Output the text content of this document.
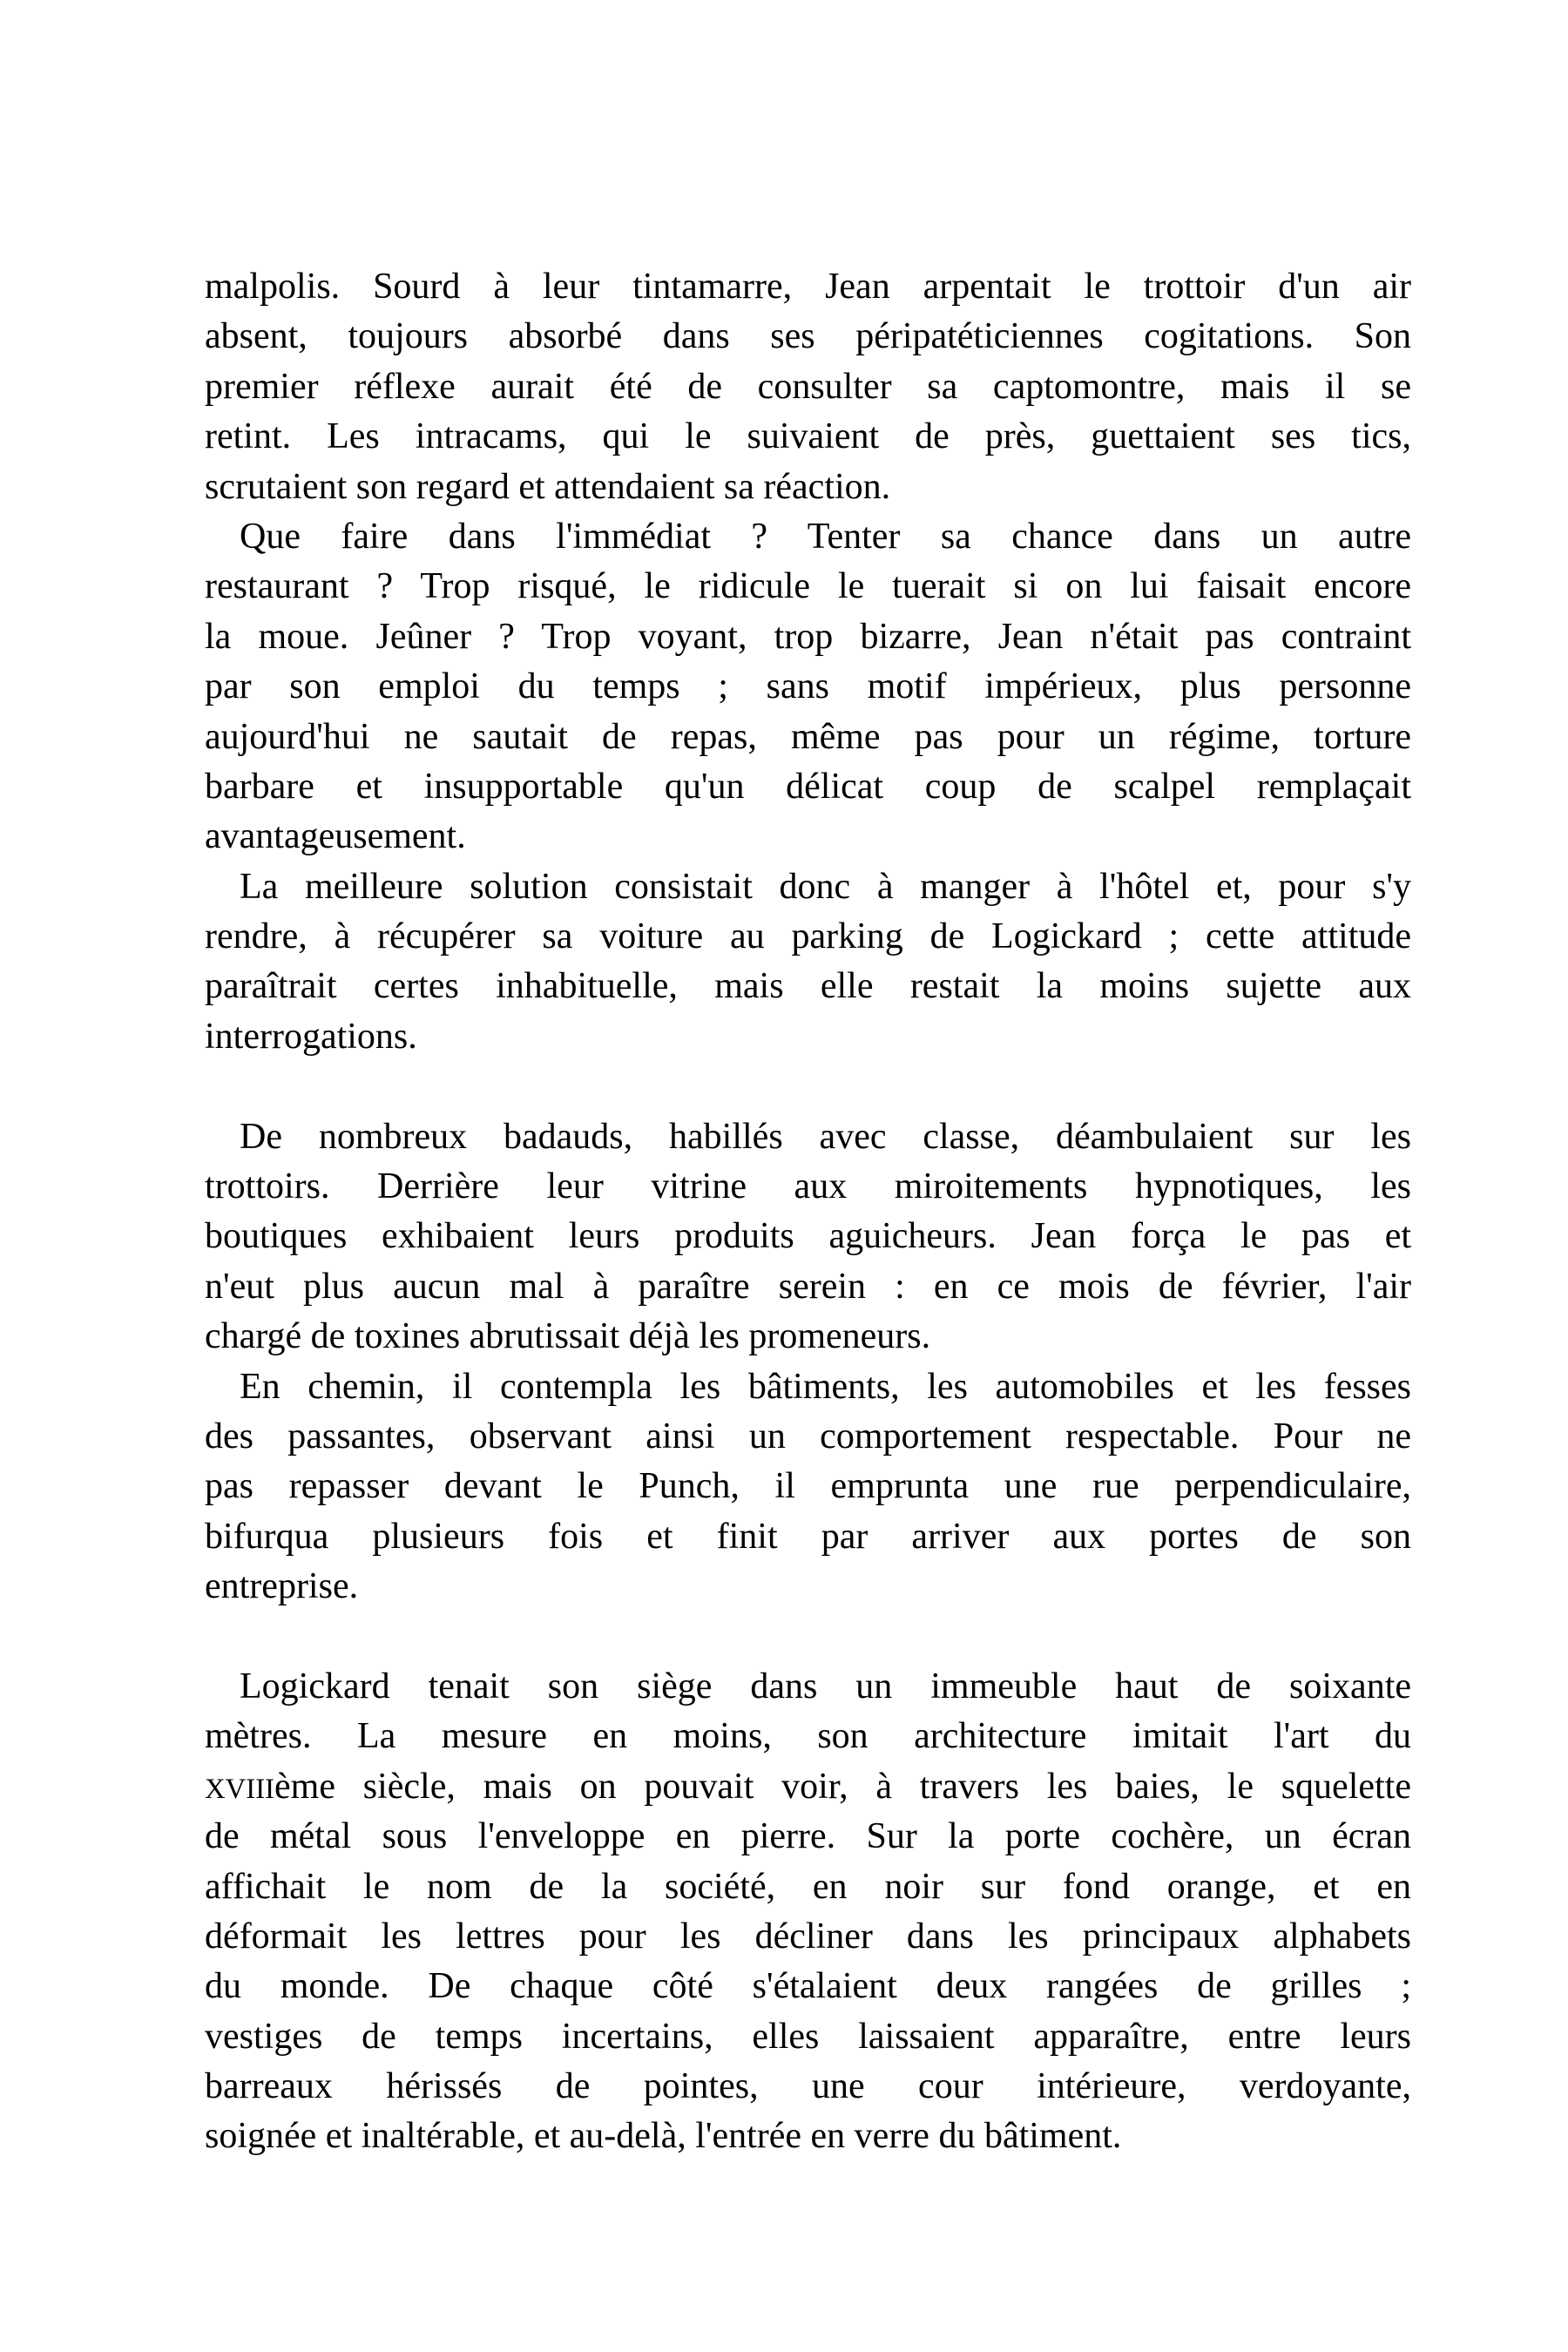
malpolis. Sourd à leur tintamarre, Jean arpentait le trottoir d'un air
absent, toujours absorbé dans ses péripatéticiennes cogitations. Son
premier réflexe aurait été de consulter sa captomontre, mais il se
retint. Les intracams, qui le suivaient de près, guettaient ses tics,
scrutaient son regard et attendaient sa réaction.
Que faire dans l'immédiat ? Tenter sa chance dans un autre
restaurant ? Trop risqué, le ridicule le tuerait si on lui faisait encore
la moue. Jeûner ? Trop voyant, trop bizarre, Jean n'était pas contraint
par son emploi du temps ; sans motif impérieux, plus personne
aujourd'hui ne sautait de repas, même pas pour un régime, torture
barbare et insupportable qu'un délicat coup de scalpel remplaçait
avantageusement.
La meilleure solution consistait donc à manger à l'hôtel et, pour s'y
rendre, à récupérer sa voiture au parking de Logickard ; cette attitude
paraîtrait certes inhabituelle, mais elle restait la moins sujette aux
interrogations.
De nombreux badauds, habillés avec classe, déambulaient sur les
trottoirs. Derrière leur vitrine aux miroitements hypnotiques, les
boutiques exhibaient leurs produits aguicheurs. Jean força le pas et
n'eut plus aucun mal à paraître serein : en ce mois de février, l'air
chargé de toxines abrutissait déjà les promeneurs.
En chemin, il contempla les bâtiments, les automobiles et les fesses
des passantes, observant ainsi un comportement respectable. Pour ne
pas repasser devant le Punch, il emprunta une rue perpendiculaire,
bifurqua plusieurs fois et finit par arriver aux portes de son
entreprise.
Logickard tenait son siège dans un immeuble haut de soixante
mètres. La mesure en moins, son architecture imitait l'art du
XVIIIème siècle, mais on pouvait voir, à travers les baies, le squelette
de métal sous l'enveloppe en pierre. Sur la porte cochère, un écran
affichait le nom de la société, en noir sur fond orange, et en
déformait les lettres pour les décliner dans les principaux alphabets
du monde. De chaque côté s'étalaient deux rangées de grilles ;
vestiges de temps incertains, elles laissaient apparaître, entre leurs
barreaux hérissés de pointes, une cour intérieure, verdoyante,
soignée et inaltérable, et au-delà, l'entrée en verre du bâtiment.
